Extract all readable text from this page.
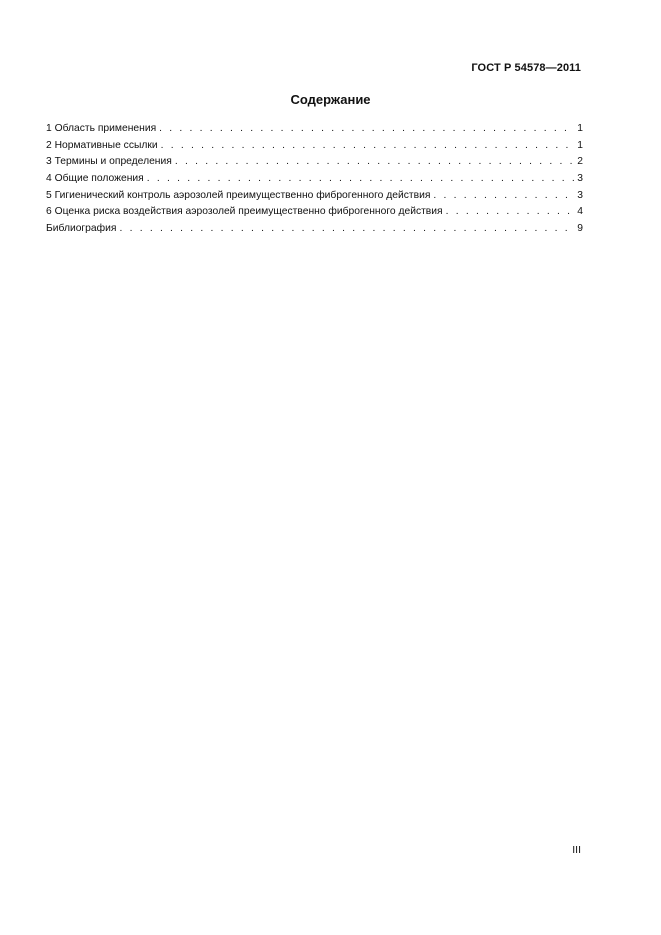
ГОСТ Р 54578—2011
Содержание
1 Область применения . . .	1
2 Нормативные ссылки . . .	1
3 Термины и определения . . .	2
4 Общие положения . . .	3
5 Гигиенический контроль аэрозолей преимущественно фиброгенного действия . . .	3
6 Оценка риска воздействия аэрозолей преимущественно фиброгенного действия . . .	4
Библиография . . .	9
III
